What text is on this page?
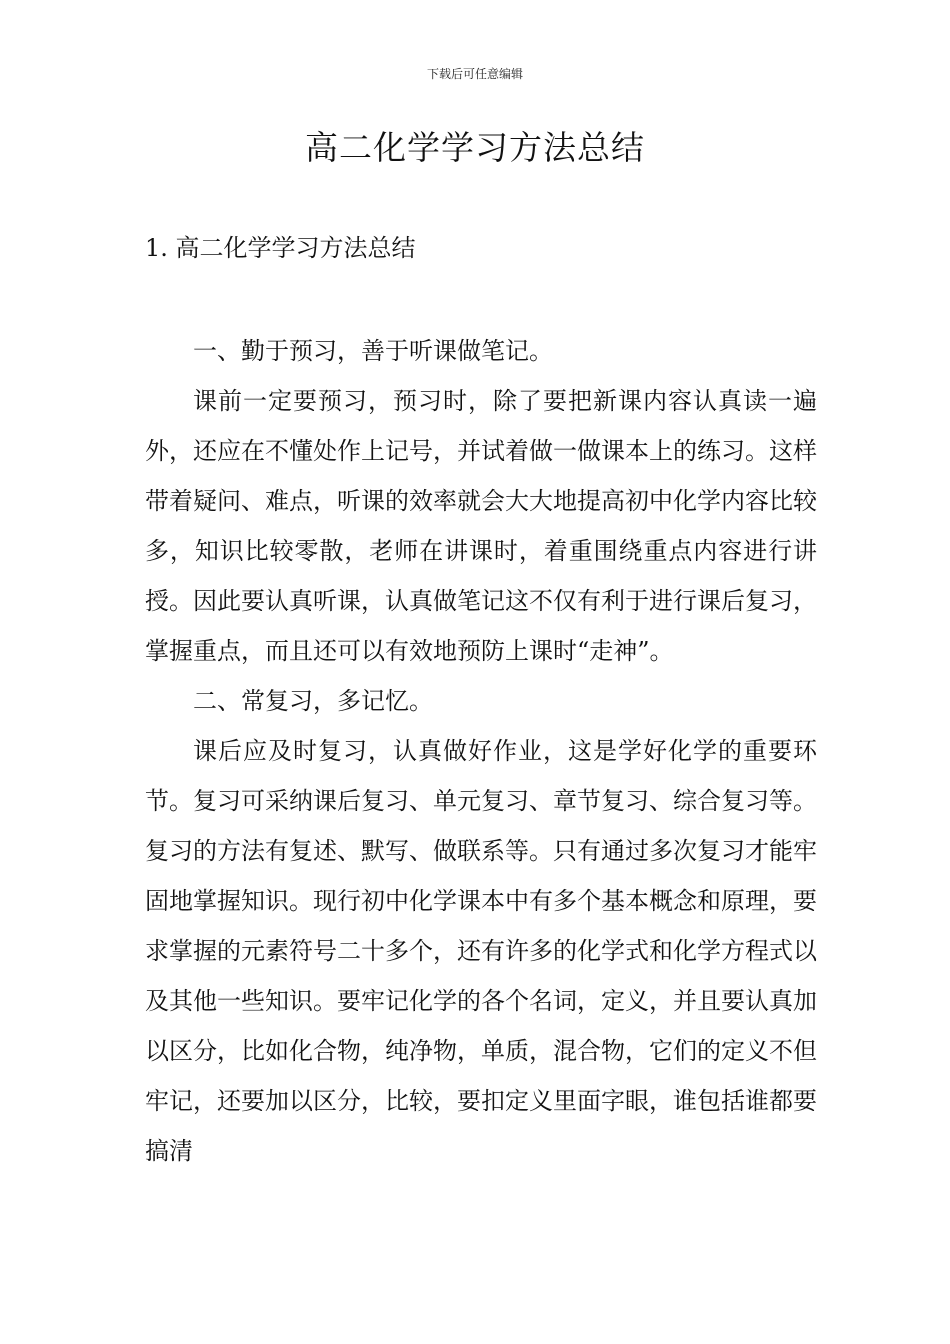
下载后可任意编辑
高二化学学习方法总结
1. 高二化学学习方法总结

一、勤于预习，善于听课做笔记。

课前一定要预习，预习时，除了要把新课内容认真读一遍外，还应在不懂处作上记号，并试着做一做课本上的练习。这样带着疑问、难点，听课的效率就会大大地提高初中化学内容比较多，知识比较零散，老师在讲课时，着重围绕重点内容进行讲授。因此要认真听课，认真做笔记这不仅有利于进行课后复习，掌握重点，而且还可以有效地预防上课时“走神”。

二、常复习，多记忆。

课后应及时复习，认真做好作业，这是学好化学的重要环节。复习可采纳课后复习、单元复习、章节复习、综合复习等。复习的方法有复述、默写、做联系等。只有通过多次复习才能牢固地掌握知识。现行初中化学课本中有多个基本概念和原理，要求掌握的元素符号二十多个，还有许多的化学式和化学方程式以及其他一些知识。要牢记化学的各个名词，定义，并且要认真加以区分，比如化合物，纯净物，单质，混合物，它们的定义不但牢记，还要加以区分，比较，要扣定义里面字眼，谁包括谁都要搞清
